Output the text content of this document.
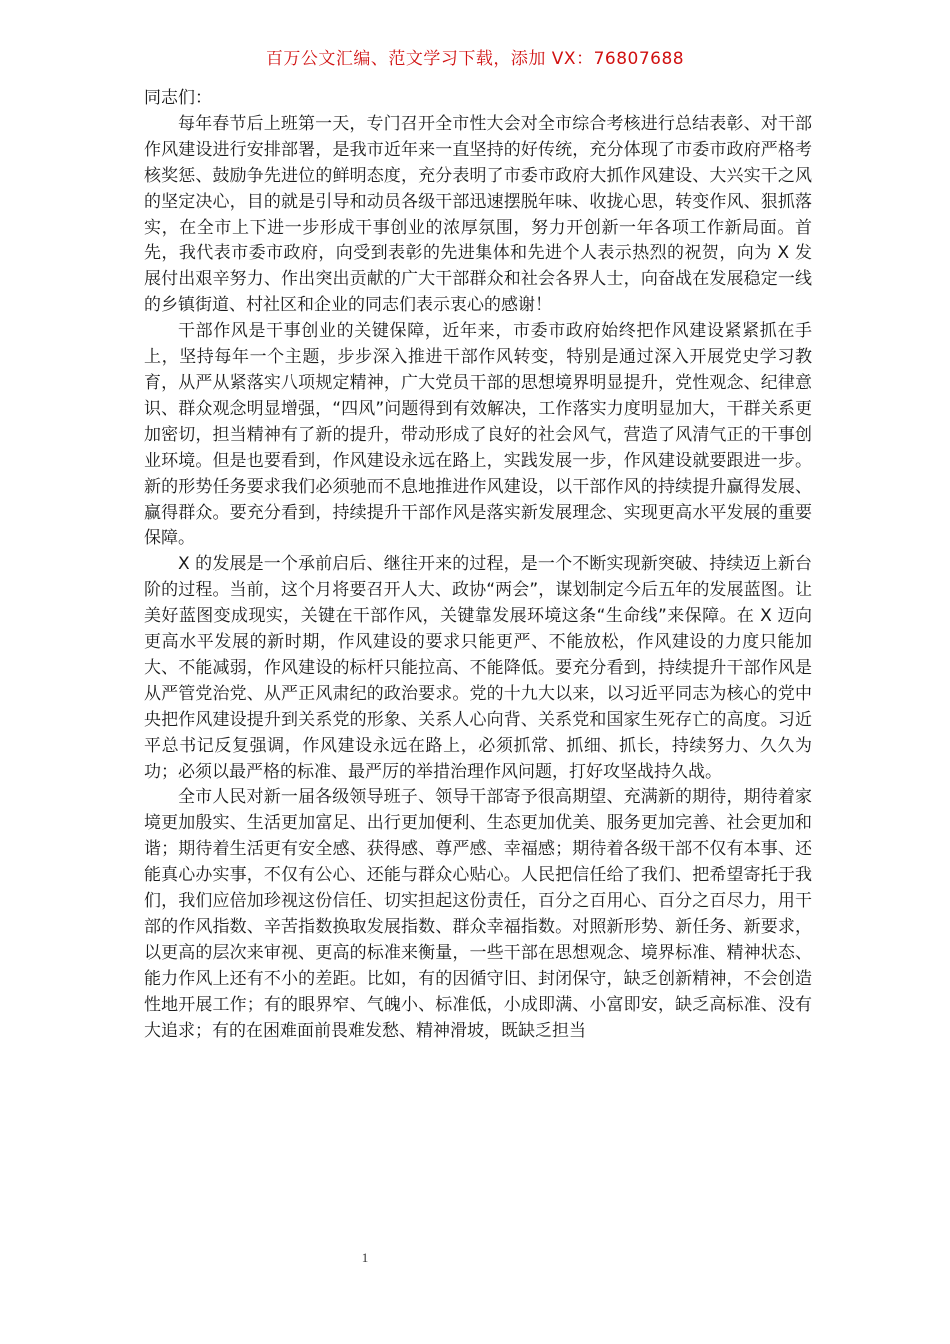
百万公文汇编、范文学习下载，添加 VX：76807688

同志们：

每年春节后上班第一天，专门召开全市性大会对全市综合考核进行总结表彰、对干部作风建设进行安排部署，是我市近年来一直坚持的好传统，充分体现了市委市政府严格考核奖惩、鼓励争先进位的鲜明态度，充分表明了市委市政府大抓作风建设、大兴实干之风的坚定决心，目的就是引导和动员各级干部迅速摆脱年味、收拢心思，转变作风、狠抓落实，在全市上下进一步形成干事创业的浓厚氛围，努力开创新一年各项工作新局面。首先，我代表市委市政府，向受到表彰的先进集体和先进个人表示热烈的祝贺，向为 X 发展付出艰辛努力、作出突出贡献的广大干部群众和社会各界人士，向奋战在发展稳定一线的乡镇街道、村社区和企业的同志们表示衷心的感谢！

干部作风是干事创业的关键保障，近年来，市委市政府始终把作风建设紧紧抓在手上，坚持每年一个主题，步步深入推进干部作风转变，特别是通过深入开展党史学习教育，从严从紧落实八项规定精神，广大党员干部的思想境界明显提升，党性观念、纪律意识、群众观念明显增强，“四风”问题得到有效解决，工作落实力度明显加大，干群关系更加密切，担当精神有了新的提升，带动形成了良好的社会风气，营造了风清气正的干事创业环境。但是也要看到，作风建设永远在路上，实践发展一步，作风建设就要跟进一步。新的形势任务要求我们必须驰而不息地推进作风建设，以干部作风的持续提升赢得发展、赢得群众。要充分看到，持续提升干部作风是落实新发展理念、实现更高水平发展的重要保障。

X 的发展是一个承前启后、继往开来的过程，是一个不断实现新突破、持续迈上新台阶的过程。当前，这个月将要召开人大、政协“两会”，谋划制定今后五年的发展蓝图。让美好蓝图变成现实，关键在干部作风，关键靠发展环境这条“生命线”来保障。在 X 迈向更高水平发展的新时期，作风建设的要求只能更严、不能放松，作风建设的力度只能加大、不能减弱，作风建设的标杆只能拉高、不能降低。要充分看到，持续提升干部作风是从严管党治党、从严正风肃纪的政治要求。党的十九大以来，以习近平同志为核心的党中央把作风建设提升到关系党的形象、关系人心向背、关系党和国家生死存亡的高度。习近平总书记反复强调，作风建设永远在路上，必须抓常、抓细、抓长，持续努力、久久为功；必须以最严格的标准、最严厉的举措治理作风问题，打好攻坚战持久战。

全市人民对新一届各级领导班子、领导干部寄予很高期望、充满新的期待，期待着家境更加殷实、生活更加富足、出行更加便利、生态更加优美、服务更加完善、社会更加和谐；期待着生活更有安全感、获得感、尊严感、幸福感；期待着各级干部不仅有本事、还能真心办实事，不仅有公心、还能与群众心贴心。人民把信任给了我们、把希望寄托于我们，我们应倍加珍视这份信任、切实担起这份责任，百分之百用心、百分之百尽力，用干部的作风指数、辛苦指数换取发展指数、群众幸福指数。对照新形势、新任务、新要求，以更高的层次来审视、更高的标准来衡量，一些干部在思想观念、境界标准、精神状态、能力作风上还有不小的差距。比如，有的因循守旧、封闭保守，缺乏创新精神，不会创造性地开展工作；有的眼界窄、气魄小、标准低，小成即满、小富即安，缺乏高标准、没有大追求；有的在困难面前畏难发愁、精神滑坡，既缺乏担当

1
